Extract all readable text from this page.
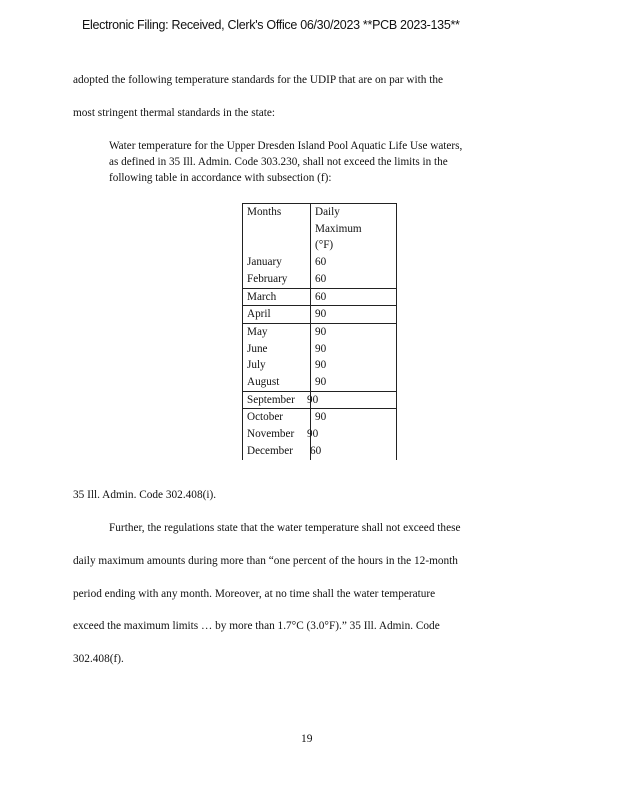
Electronic Filing: Received, Clerk's Office 06/30/2023 **PCB 2023-135**
adopted the following temperature standards for the UDIP that are on par with the
most stringent thermal standards in the state:
Water temperature for the Upper Dresden Island Pool Aquatic Life Use waters,
as defined in 35 Ill. Admin. Code 303.230, shall not exceed the limits in the
following table in accordance with subsection (f):
Months	Daily
Maximum
(°F)

January	60
February	60
March	60
April	90
May	90
June	90
July	90
August	90
September	90
October	90
November	90
December	60
35 Ill. Admin. Code 302.408(i).
Further, the regulations state that the water temperature shall not exceed these
daily maximum amounts during more than “one percent of the hours in the 12-month
period ending with any month. Moreover, at no time shall the water temperature
exceed the maximum limits … by more than 1.7°C (3.0°F).” 35 Ill. Admin. Code
302.408(f).
19
